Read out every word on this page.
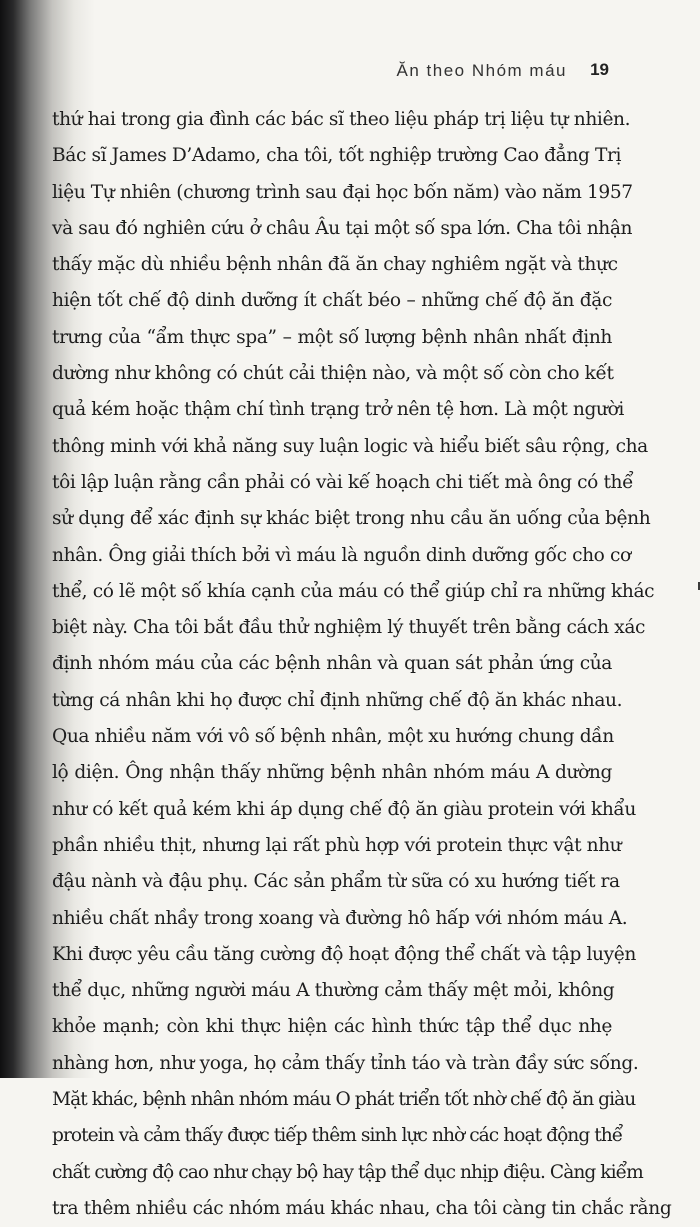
Ăn theo Nhóm máu 19
thứ hai trong gia đình các bác sĩ theo liệu pháp trị liệu tự nhiên.
Bác sĩ James D’Adamo, cha tôi, tốt nghiệp trường Cao đẳng Trị
liệu Tự nhiên (chương trình sau đại học bốn năm) vào năm 1957
và sau đó nghiên cứu ở châu Âu tại một số spa lớn. Cha tôi nhận
thấy mặc dù nhiều bệnh nhân đã ăn chay nghiêm ngặt và thực
hiện tốt chế độ dinh dưỡng ít chất béo – những chế độ ăn đặc
trưng của “ẩm thực spa” – một số lượng bệnh nhân nhất định
dường như không có chút cải thiện nào, và một số còn cho kết
quả kém hoặc thậm chí tình trạng trở nên tệ hơn. Là một người
thông minh với khả năng suy luận logic và hiểu biết sâu rộng, cha
tôi lập luận rằng cần phải có vài kế hoạch chi tiết mà ông có thể
sử dụng để xác định sự khác biệt trong nhu cầu ăn uống của bệnh
nhân. Ông giải thích bởi vì máu là nguồn dinh dưỡng gốc cho cơ
thể, có lẽ một số khía cạnh của máu có thể giúp chỉ ra những khác
biệt này. Cha tôi bắt đầu thử nghiệm lý thuyết trên bằng cách xác
định nhóm máu của các bệnh nhân và quan sát phản ứng của
từng cá nhân khi họ được chỉ định những chế độ ăn khác nhau.
Qua nhiều năm với vô số bệnh nhân, một xu hướng chung dần
lộ diện. Ông nhận thấy những bệnh nhân nhóm máu A dường
như có kết quả kém khi áp dụng chế độ ăn giàu protein với khẩu
phần nhiều thịt, nhưng lại rất phù hợp với protein thực vật như
đậu nành và đậu phụ. Các sản phẩm từ sữa có xu hướng tiết ra
nhiều chất nhầy trong xoang và đường hô hấp với nhóm máu A.
Khi được yêu cầu tăng cường độ hoạt động thể chất và tập luyện
thể dục, những người máu A thường cảm thấy mệt mỏi, không
khỏe mạnh; còn khi thực hiện các hình thức tập thể dục nhẹ
nhàng hơn, như yoga, họ cảm thấy tỉnh táo và tràn đầy sức sống.
Mặt khác, bệnh nhân nhóm máu O phát triển tốt nhờ chế độ ăn giàu
protein và cảm thấy được tiếp thêm sinh lực nhờ các hoạt động thể
chất cường độ cao như chạy bộ hay tập thể dục nhịp điệu. Càng kiểm
tra thêm nhiều các nhóm máu khác nhau, cha tôi càng tin chắc rằng
